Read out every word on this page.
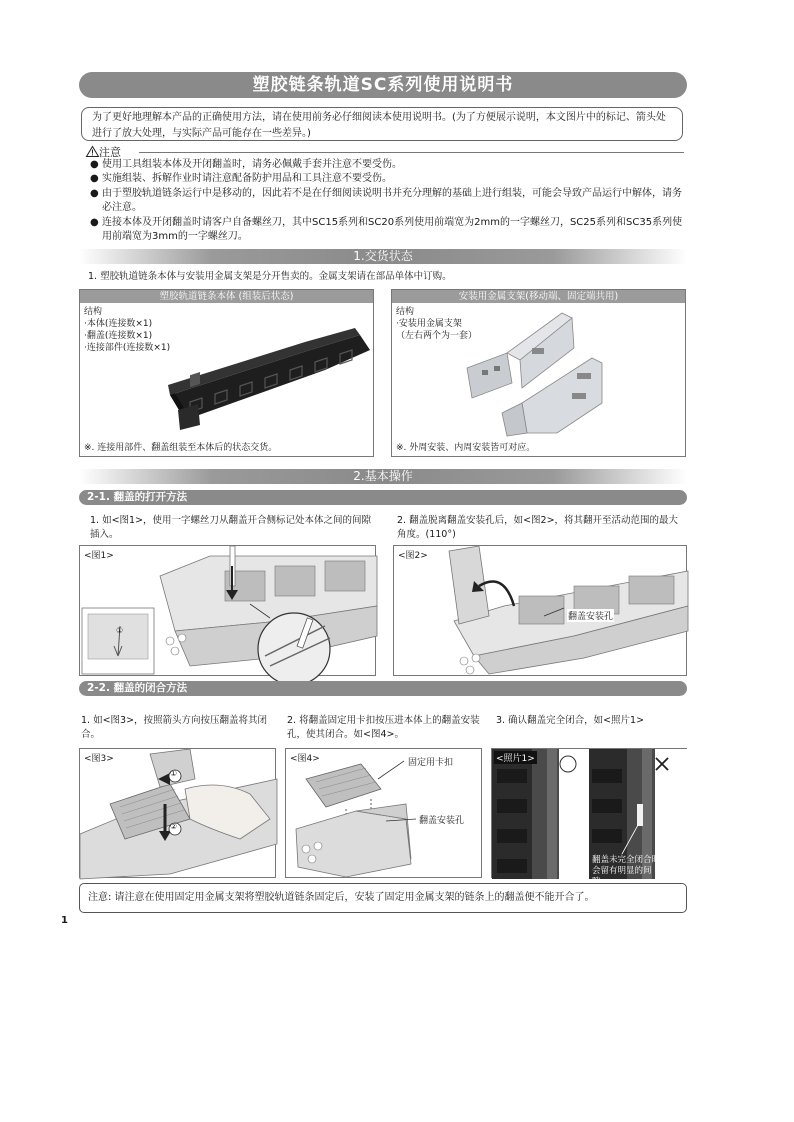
塑胶链条轨道SC系列使用说明书
为了更好地理解本产品的正确使用方法，请在使用前务必仔细阅读本使用说明书。(为了方便展示说明，本文图片中的标记、箭头处进行了放大处理，与实际产品可能存在一些差异。)
注意
● 使用工具组装本体及开闭翻盖时，请务必佩戴手套并注意不要受伤。
● 实施组装、拆解作业时请注意配备防护用品和工具注意不要受伤。
● 由于塑胶轨道链条运行中是移动的，因此若不是在仔细阅读说明书并充分理解的基础上进行组装，可能会导致产品运行中解体，请务必注意。
● 连接本体及开闭翻盖时请客户自备螺丝刀，其中SC15系列和SC20系列使用前端宽为2mm的一字螺丝刀，SC25系列和SC35系列使用前端宽为3mm的一字螺丝刀。
1.交货状态
1. 塑胶轨道链条本体与安装用金属支架是分开售卖的。金属支架请在部品单体中订购。
塑胶轨道链条本体 (组装后状态)
结构
·本体(连接数×1)
·翻盖(连接数×1)
·连接部件(连接数×1)
※. 连接用部件、翻盖组装至本体后的状态交货。
安装用金属支架(移动端、固定端共用)
结构
·安装用金属支架
（左右两个为一套）
※. 外周安装、内周安装皆可对应。
2.基本操作
2-1. 翻盖的打开方法
1. 如<图1>，使用一字螺丝刀从翻盖开合侧标记处本体之间的间隙插入。
2. 翻盖脱离翻盖安装孔后，如<图2>，将其翻开至活动范围的最大角度。(110°)
<图1>
①
<图2>
翻盖安装孔
2-2. 翻盖的闭合方法
1. 如<图3>，按照箭头方向按压翻盖将其闭合。
2. 将翻盖固定用卡扣按压进本体上的翻盖安装孔，使其闭合。如<图4>。
3. 确认翻盖完全闭合，如<照片1>
<图3>
①
②
<图4>	固定用卡扣
翻盖安装孔
<照片1>
翻盖未完全闭合时会留有明显的间隙。
注意: 请注意在使用固定用金属支架将塑胶轨道链条固定后，安装了固定用金属支架的链条上的翻盖便不能开合了。
1
